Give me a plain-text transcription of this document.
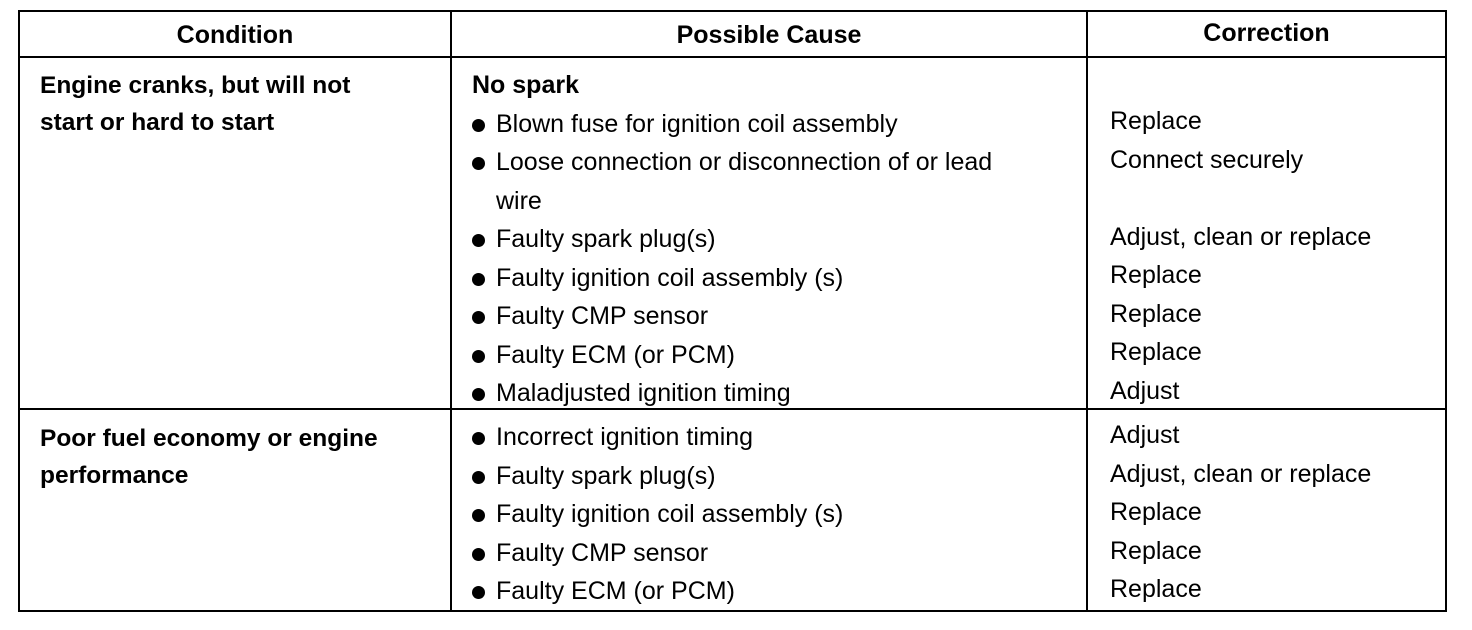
Condition	Possible Cause	Correction
Engine cranks, but will not
start or hard to start
No spark
Blown fuse for ignition coil assembly
Loose connection or disconnection of or lead
wire
Faulty spark plug(s)
Faulty ignition coil assembly (s)
Faulty CMP sensor
Faulty ECM (or PCM)
Maladjusted ignition timing
Replace
Connect securely
Adjust, clean or replace
Replace
Replace
Replace
Adjust
Poor fuel economy or engine
performance
Incorrect ignition timing
Faulty spark plug(s)
Faulty ignition coil assembly (s)
Faulty CMP sensor
Faulty ECM (or PCM)
Adjust
Adjust, clean or replace
Replace
Replace
Replace
